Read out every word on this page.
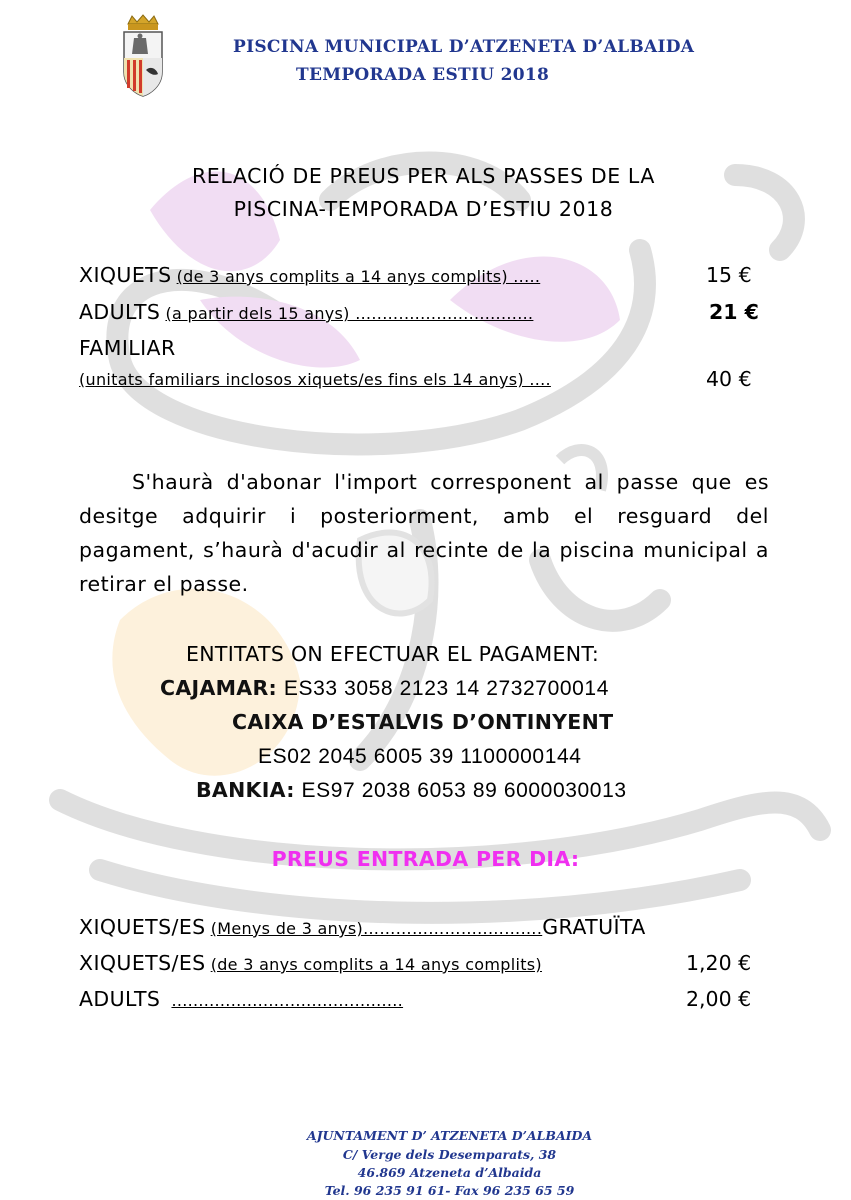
PISCINA MUNICIPAL D’ATZENETA D’ALBAIDA
TEMPORADA ESTIU 2018
RELACIÓ DE PREUS PER ALS PASSES DE LA
PISCINA-TEMPORADA D’ESTIU 2018
XIQUETS (de 3 anys complits a 14 anys complits) .....	15 €
ADULTS (a partir dels 15 anys) …..….…..................…	21 €
FAMILIAR
(unitats familiars inclosos xiquets/es fins els 14 anys) ....	40 €
S'haurà d'abonar l'import corresponent al passe que es desitge adquirir i posteriorment, amb el resguard del pagament, s’haurà d'acudir al recinte de la piscina municipal a retirar el passe.
ENTITATS ON EFECTUAR EL PAGAMENT:
CAJAMAR: ES33 3058 2123 14 2732700014
CAIXA D’ESTALVIS D’ONTINYENT
ES02 2045 6005 39 1100000144
BANKIA: ES97 2038 6053 89 6000030013
PREUS ENTRADA PER DIA:
XIQUETS/ES (Menys de 3 anys)…………………..……….GRATUÏTA
XIQUETS/ES (de 3 anys complits a 14 anys complits)	1,20 €
ADULTS ...........................................	2,00 €
AJUNTAMENT D’ ATZENETA D’ALBAIDA
C/ Verge dels Desemparats, 38
46.869 Atzeneta d’Albaida
Tel. 96 235 91 61- Fax 96 235 65 59
